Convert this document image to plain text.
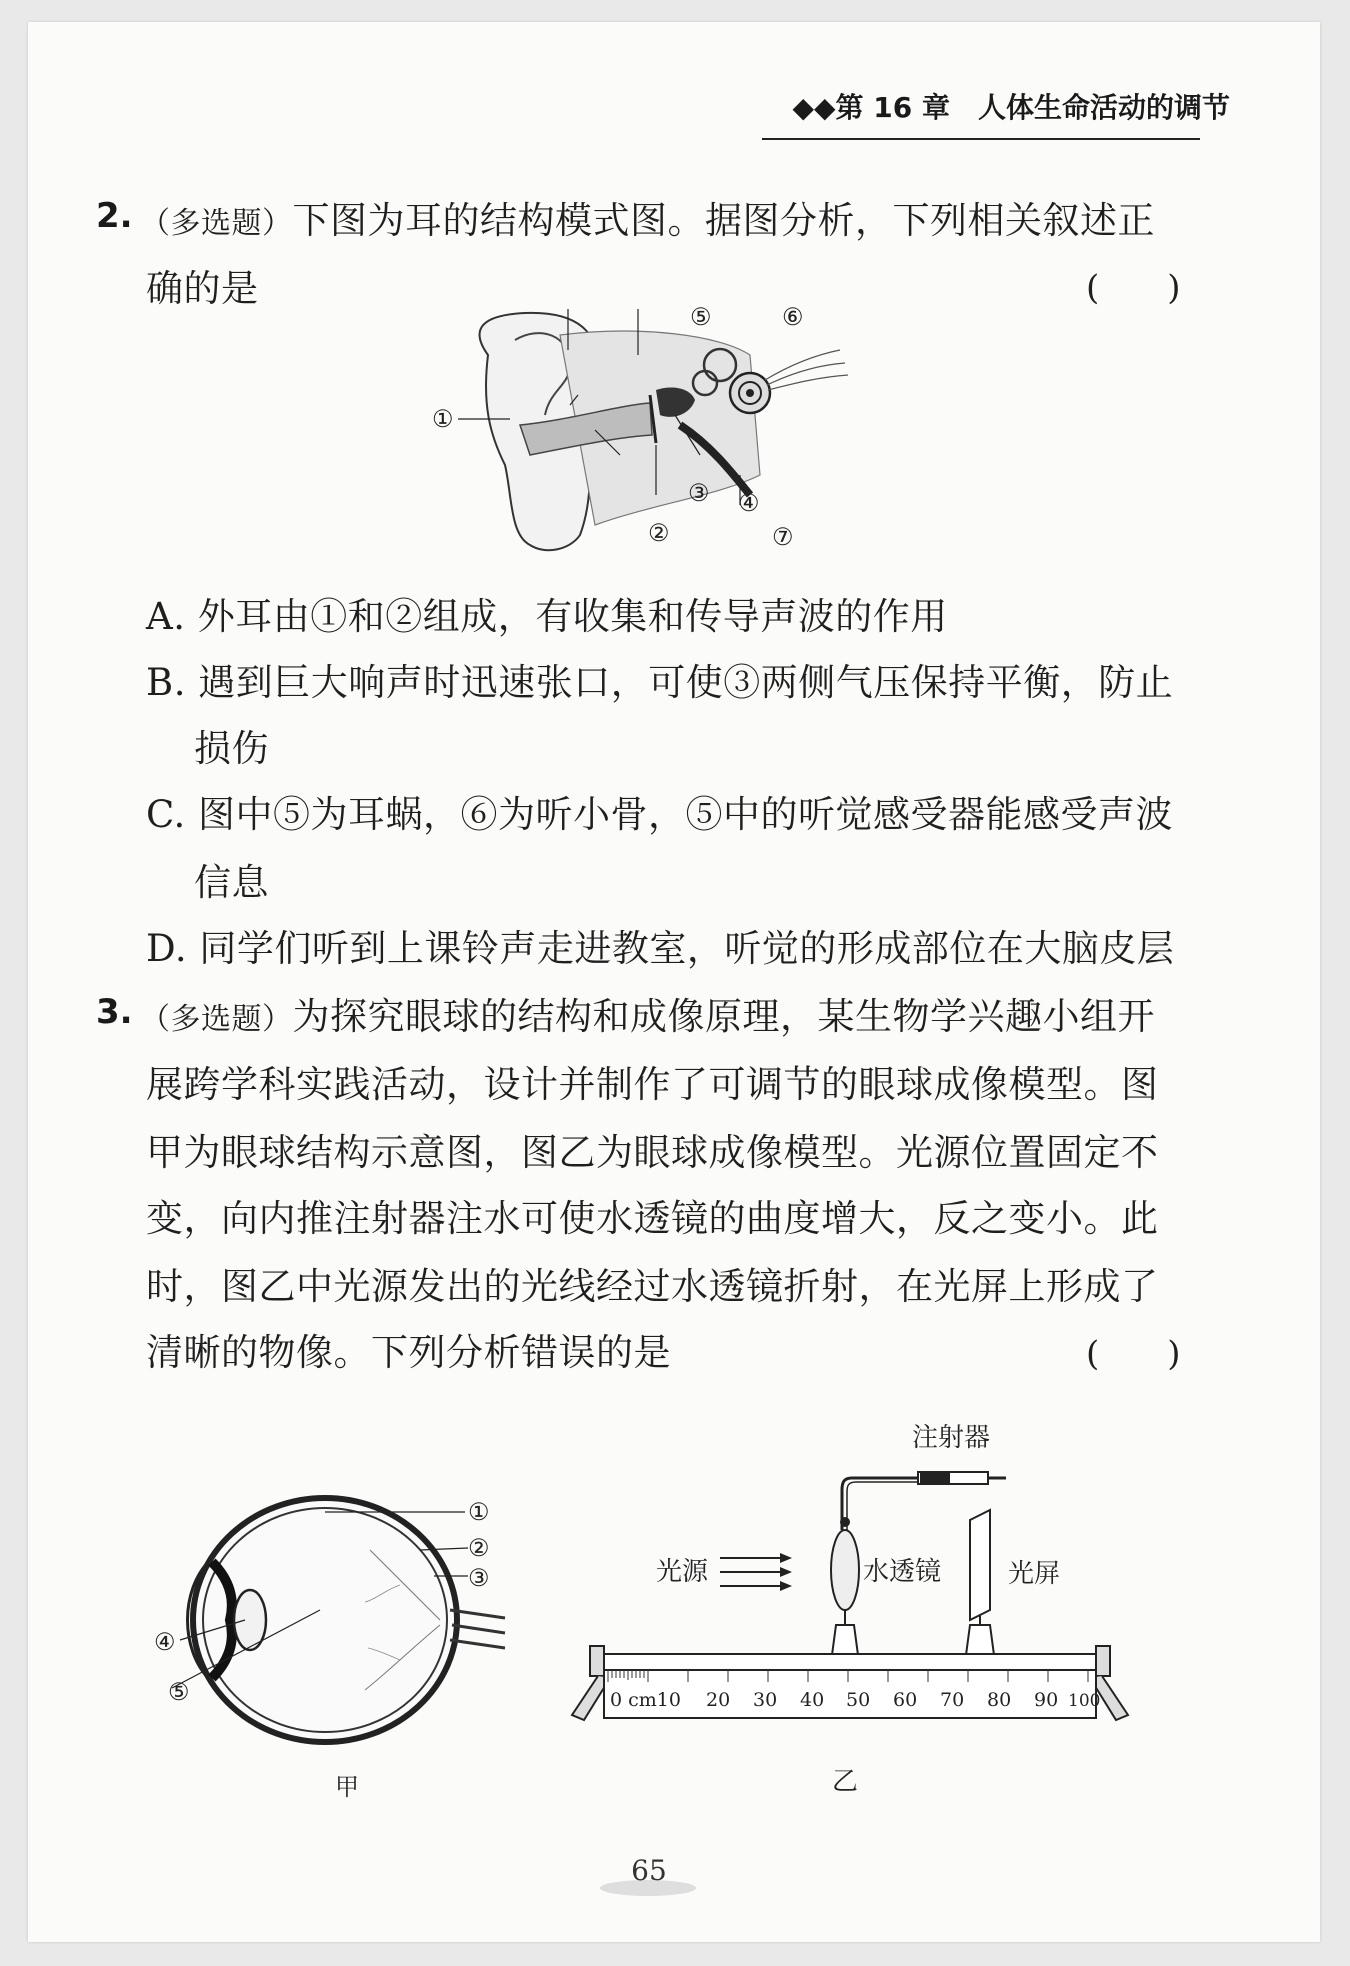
◆◆第 16 章　人体生命活动的调节
2. （多选题）下图为耳的结构模式图。据图分析，下列相关叙述正
确的是	(　　)
①
②
③ ④
⑤	⑥
⑦
A. 外耳由①和②组成，有收集和传导声波的作用
B. 遇到巨大响声时迅速张口，可使③两侧气压保持平衡，防止
损伤
C. 图中⑤为耳蜗，⑥为听小骨，⑤中的听觉感受器能感受声波
信息
D. 同学们听到上课铃声走进教室，听觉的形成部位在大脑皮层
3. （多选题）为探究眼球的结构和成像原理，某生物学兴趣小组开
展跨学科实践活动，设计并制作了可调节的眼球成像模型。图
甲为眼球结构示意图，图乙为眼球成像模型。光源位置固定不
变，向内推注射器注水可使水透镜的曲度增大，反之变小。此
时，图乙中光源发出的光线经过水透镜折射，在光屏上形成了
清晰的物像。下列分析错误的是	(　　)
①
②
③
④
⑤
甲
注射器
光源	水透镜	光屏
0 cm10 20 30 40 50 60 70 80 90 100
乙
65
